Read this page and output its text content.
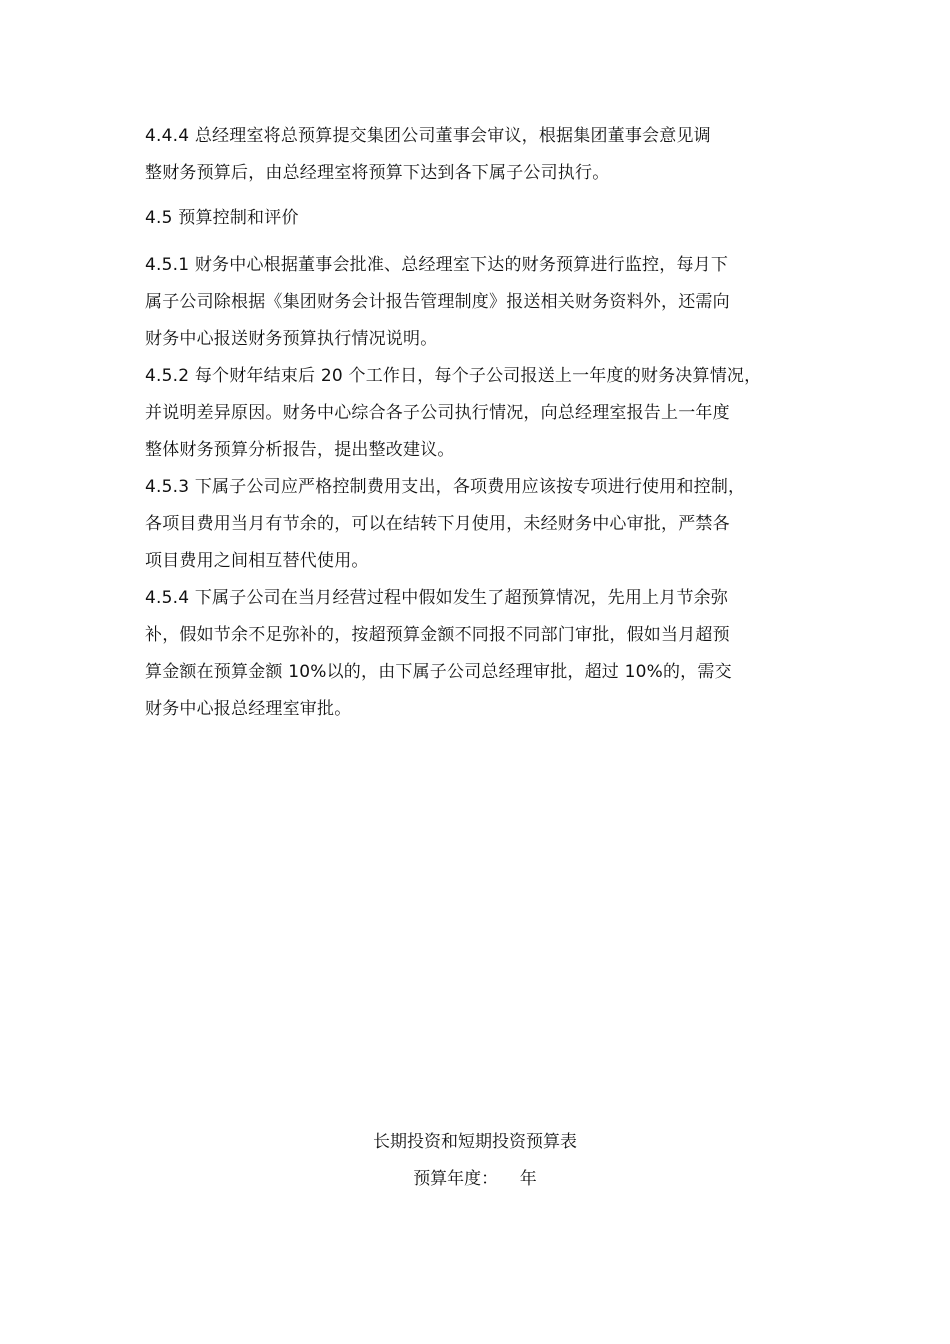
4.4.4 总经理室将总预算提交集团公司董事会审议，根据集团董事会意见调
整财务预算后，由总经理室将预算下达到各下属子公司执行。
4.5 预算控制和评价
4.5.1 财务中心根据董事会批准、总经理室下达的财务预算进行监控，每月下
属子公司除根据《集团财务会计报告管理制度》报送相关财务资料外，还需向
财务中心报送财务预算执行情况说明。
4.5.2 每个财年结束后 20 个工作日，每个子公司报送上一年度的财务决算情况，
并说明差异原因。财务中心综合各子公司执行情况，向总经理室报告上一年度
整体财务预算分析报告，提出整改建议。
4.5.3 下属子公司应严格控制费用支出，各项费用应该按专项进行使用和控制，
各项目费用当月有节余的，可以在结转下月使用，未经财务中心审批，严禁各
项目费用之间相互替代使用。
4.5.4 下属子公司在当月经营过程中假如发生了超预算情况，先用上月节余弥
补，假如节余不足弥补的，按超预算金额不同报不同部门审批，假如当月超预
算金额在预算金额 10%以的，由下属子公司总经理审批，超过 10%的，需交
财务中心报总经理室审批。
长期投资和短期投资预算表
预算年度：    年
